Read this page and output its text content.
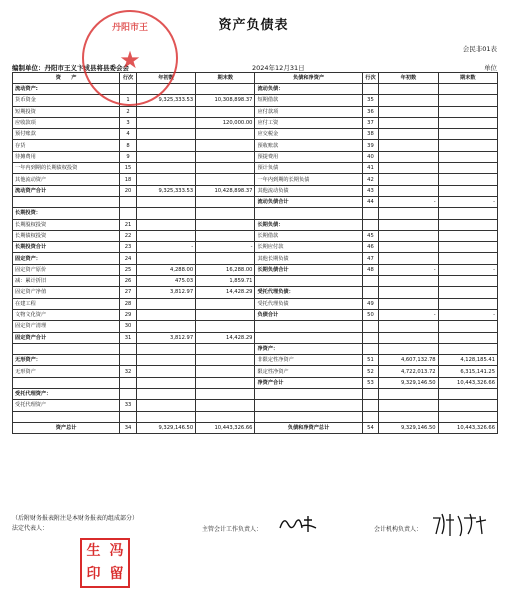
资产负债表
会民非01表
单位
编制单位：丹阳市王义卞成县将县委会会	2024年12月31日
资　　产	行次	年初数	期末数	负债和净资产	行次	年初数	期末数
流动资产:				流动负债：			
货币资金	1	9,325,333.53	10,308,898.37	短期借款	35		
短期投资	2			应付款项	36		
应收款项	3		120,000.00	应付工资	37		
预付账款	4			应交税金	38		
存货	8			预收账款	39		
待摊费用	9			预提费用	40		
一年内到期的长期债权投资	15			预计负债	41		
其他流动资产	18			一年内到期的长期负债	42		
流动资产合计	20	9,325,333.53	10,428,898.37	其他流动负债	43		
				流动负债合计	44	-	-
长期投资：							
长期股权投资	21			长期负债：			
长期债权投资	22			长期借款	45		
长期投资合计	23	-	-	长期应付款	46		
固定资产：	24			其他长期负债	47		
固定资产原价	25	4,288.00	16,288.00	长期负债合计	48	-	-
减：累计折旧	26	475.03	1,859.71				
固定资产净值	27	3,812.97	14,428.29	受托代理负债：			
在建工程	28			受托代理负债	49		
文物文化资产	29			负债合计	50	-	-
固定资产清理	30						
固定资产合计	31	3,812.97	14,428.29				
				净资产：			
无形资产：				非限定性净资产	51	4,607,132.78	4,128,185.41
无形资产	32			限定性净资产	52	4,722,013.72	6,315,141.25
				净资产合计	53	9,329,146.50	10,443,326.66
受托代理资产：							
受托代理资产	33						

资产总计	34	9,329,146.50	10,443,326.66	负债和净资产总计	54	9,329,146.50	10,443,326.66
（后附财务报表附注是本财务报表的组成部分）
法定代表人：	主管会计工作负责人：	会计机构负责人：
丹阳市王
★
生 冯
印 留
